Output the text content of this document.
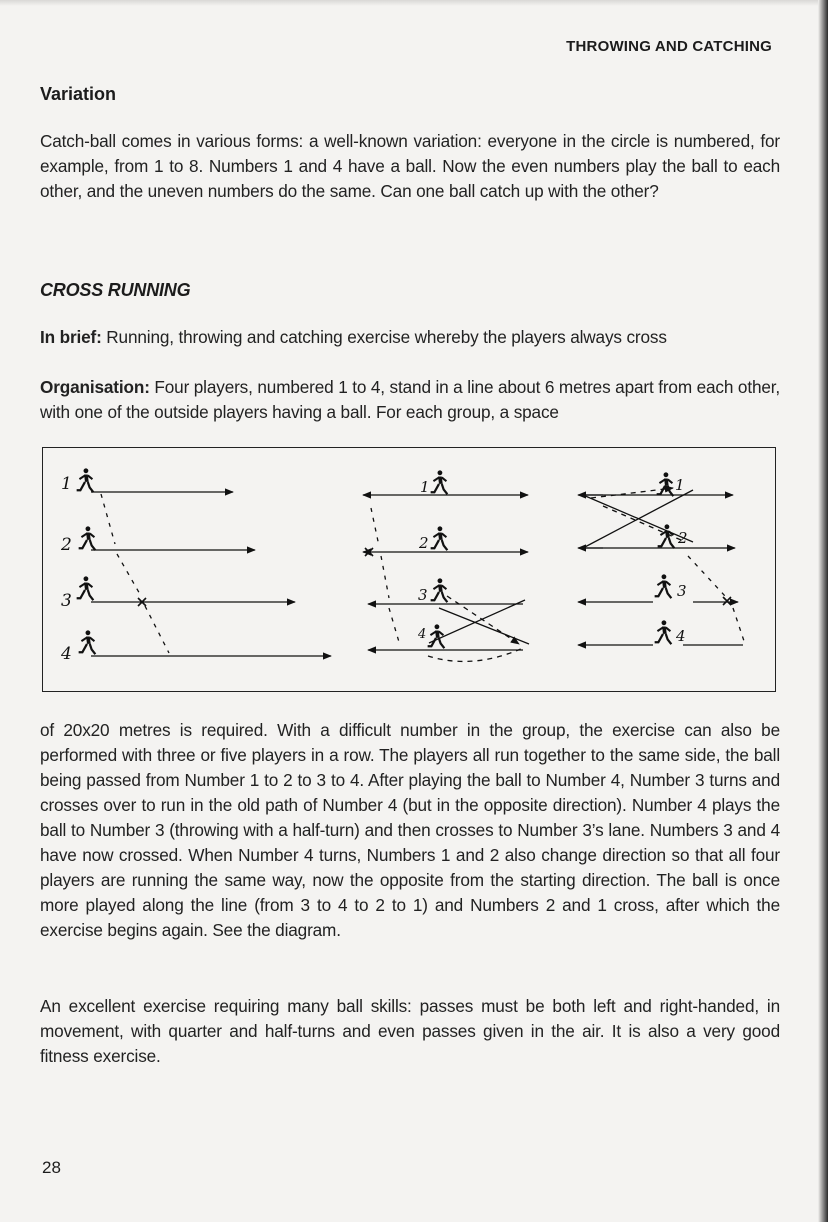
THROWING AND CATCHING
Variation

Catch-ball comes in various forms: a well-known variation: everyone in the circle is numbered, for example, from 1 to 8. Numbers 1 and 4 have a ball. Now the even numbers play the ball to each other, and the uneven numbers do the same. Can one ball catch up with the other?

CROSS RUNNING

In brief: Running, throwing and catching exercise whereby the players always cross

Organisation: Four players, numbered 1 to 4, stand in a line about 6 metres apart from each other, with one of the outside players having a ball. For each group, a space

1
2
3
4
1
2
3
4
1
2
3
4

of 20x20 metres is required. With a difficult number in the group, the exercise can also be performed with three or five players in a row. The players all run together to the same side, the ball being passed from Number 1 to 2 to 3 to 4. After playing the ball to Number 4, Number 3 turns and crosses over to run in the old path of Number 4 (but in the opposite direction). Number 4 plays the ball to Number 3 (throwing with a half-turn) and then crosses to Number 3’s lane. Numbers 3 and 4 have now crossed. When Number 4 turns, Numbers 1 and 2 also change direction so that all four players are running the same way, now the opposite from the starting direction. The ball is once more played along the line (from 3 to 4 to 2 to 1) and Numbers 2 and 1 cross, after which the exercise begins again. See the diagram.

An excellent exercise requiring many ball skills: passes must be both left and right-handed, in movement, with quarter and half-turns and even passes given in the air. It is also a very good fitness exercise.

28
